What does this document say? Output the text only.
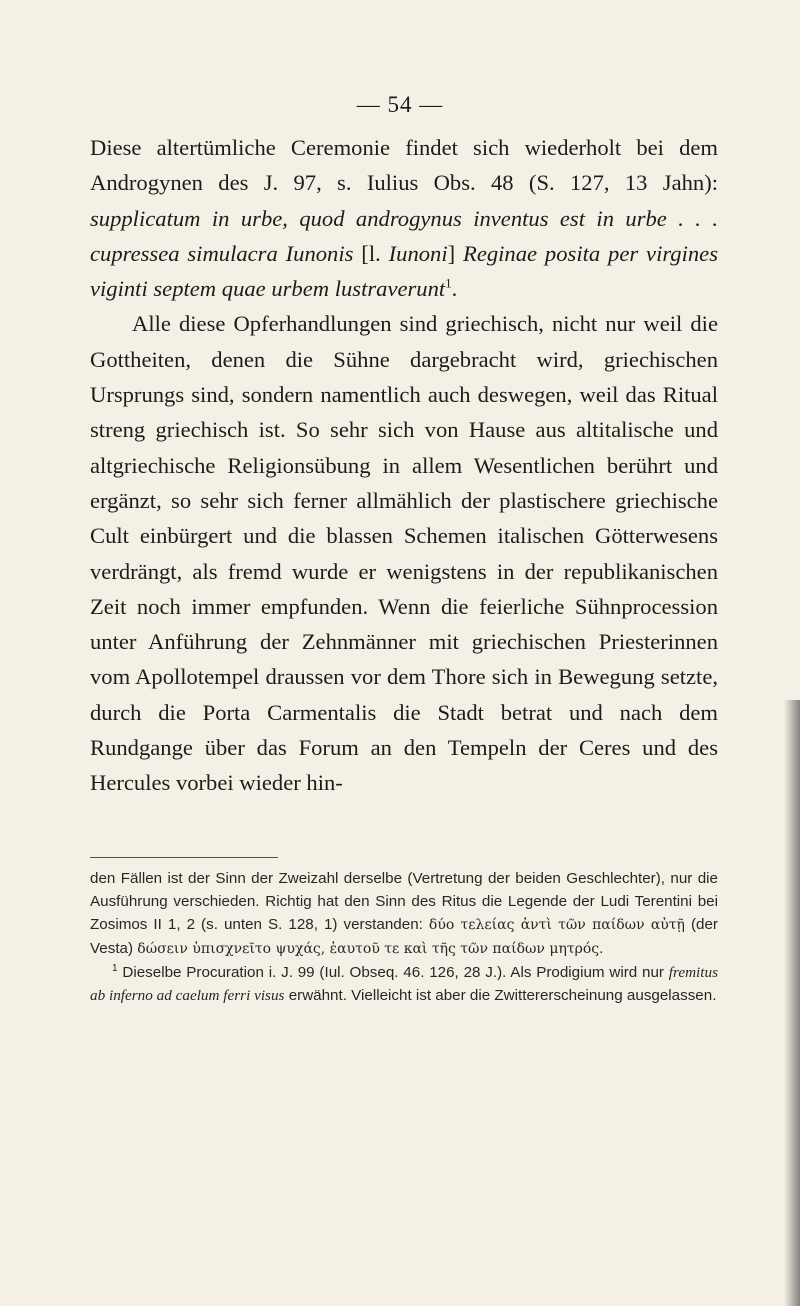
— 54 —

Diese altertümliche Ceremonie findet sich wiederholt bei dem Androgynen des J. 97, s. Iulius Obs. 48 (S. 127, 13 Jahn): supplicatum in urbe, quod androgynus inventus est in urbe . . . cupressea simulacra Iunonis [l. Iunoni] Reginae posita per virgines viginti septem quae urbem lustraverunt$^1$.

Alle diese Opferhandlungen sind griechisch, nicht nur weil die Gottheiten, denen die Sühne dargebracht wird, griechischen Ursprungs sind, sondern namentlich auch deswegen, weil das Ritual streng griechisch ist. So sehr sich von Hause aus altitalische und altgriechische Religionsübung in allem Wesentlichen berührt und ergänzt, so sehr sich ferner allmählich der plastischere griechische Cult einbürgert und die blassen Schemen italischen Götterwesens verdrängt, als fremd wurde er wenigstens in der republikanischen Zeit noch immer empfunden. Wenn die feierliche Sühnprocession unter Anführung der Zehnmänner mit griechischen Priesterinnen vom Apollotempel draussen vor dem Thore sich in Bewegung setzte, durch die Porta Carmentalis die Stadt betrat und nach dem Rundgange über das Forum an den Tempeln der Ceres und des Hercules vorbei wieder hin-

den Fällen ist der Sinn der Zweizahl derselbe (Vertretung der beiden Geschlechter), nur die Ausführung verschieden. Richtig hat den Sinn des Ritus die Legende der Ludi Terentini bei Zosimos II 1, 2 (s. unten S. 128, 1) verstanden: δύο τελείας ἀντὶ τῶν παίδων αὐτῇ (der Vesta) δώσειν ὑπισχνεῖτο ψυχάς, ἑαυτοῦ τε καὶ τῆς τῶν παίδων μητρός.

$^1$ Dieselbe Procuration i. J. 99 (Iul. Obseq. 46. 126, 28 J.). Als Prodigium wird nur fremitus ab inferno ad caelum ferri visus erwähnt. Vielleicht ist aber die Zwittererscheinung ausgelassen.
